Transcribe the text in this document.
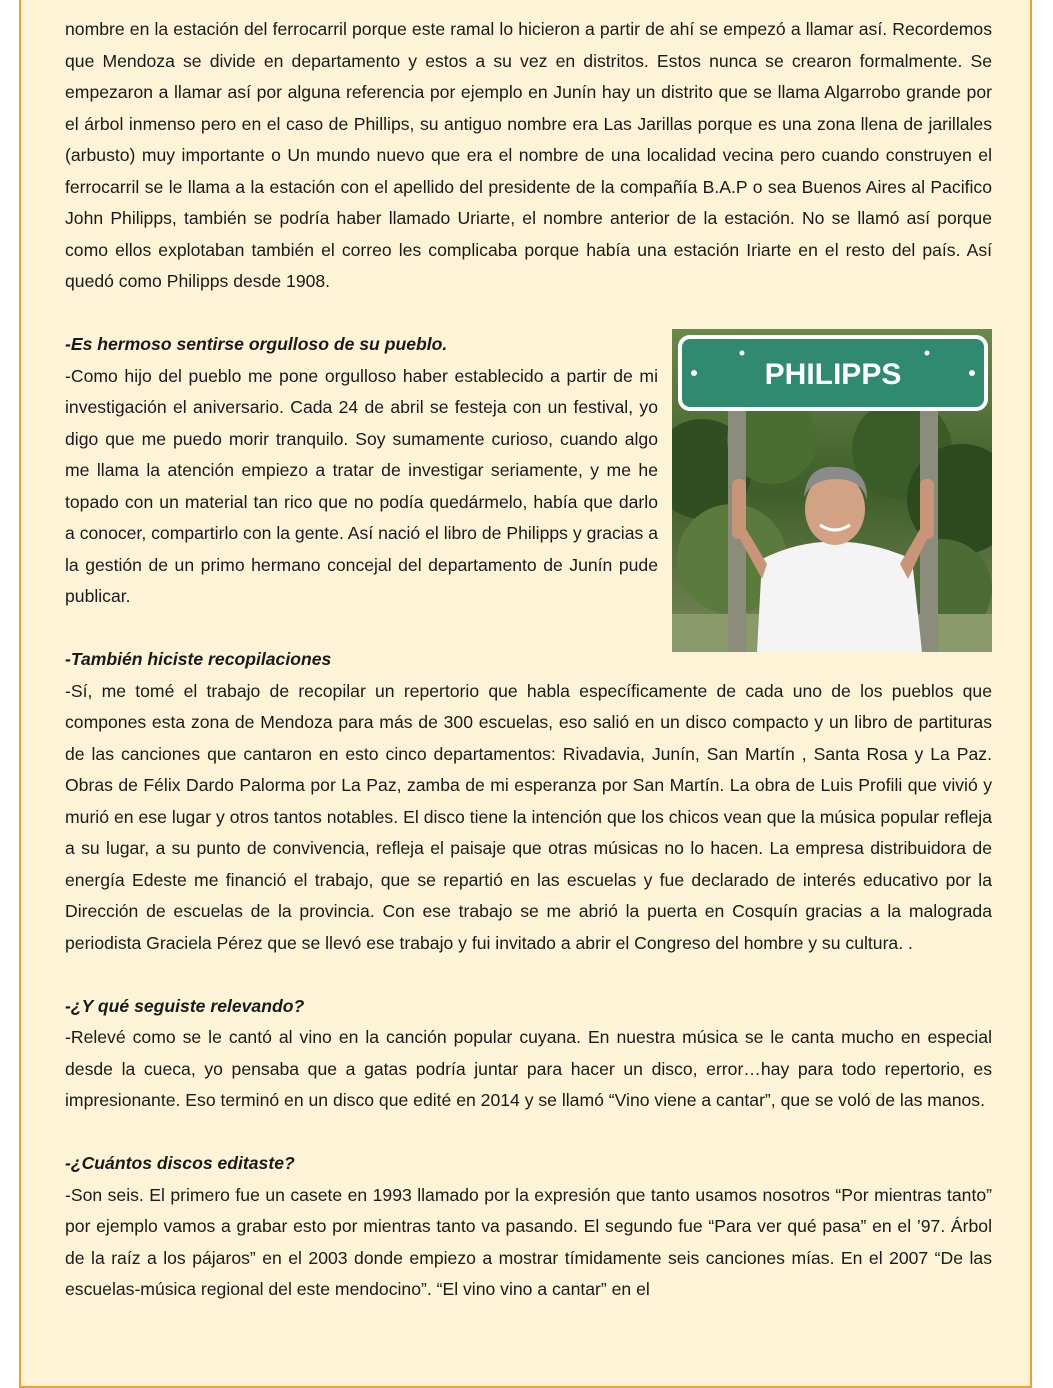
nombre en la estación del ferrocarril porque este ramal lo hicieron a partir de ahí se empezó a llamar así. Recordemos que Mendoza se divide en departamento y estos a su vez en distritos. Estos nunca se crearon formalmente. Se empezaron a llamar así por alguna referencia por ejemplo en Junín hay un distrito que se llama Algarrobo grande por el árbol inmenso pero en el caso de Phillips, su antiguo nombre era Las Jarillas porque es una zona llena de jarillales (arbusto) muy importante o Un mundo nuevo que era el nombre de una localidad vecina pero cuando construyen el ferrocarril se le llama a la estación con el apellido del presidente de la compañía B.A.P o sea Buenos Aires al Pacifico John Philipps, también se podría haber llamado Uriarte, el nombre anterior de la estación. No se llamó así porque como ellos explotaban también el correo les complicaba porque había una estación Iriarte en el resto del país. Así quedó como Philipps desde 1908.

PHILIPPS

-Es hermoso sentirse orgulloso de su pueblo.

-Como hijo del pueblo me pone orgulloso haber establecido a partir de mi investigación el aniversario. Cada 24 de abril se festeja con un festival, yo digo que me puedo morir tranquilo. Soy sumamente curioso, cuando algo me llama la atención empiezo a tratar de investigar seriamente, y me he topado con un material tan rico que no podía quedármelo, había que darlo a conocer, compartirlo con la gente. Así nació el libro de Philipps y gracias a la gestión de un primo hermano concejal del departamento de Junín pude publicar.

-También hiciste recopilaciones

-Sí, me tomé el trabajo de recopilar un repertorio que habla específicamente de cada uno de los pueblos que compones esta zona de Mendoza para más de 300 escuelas, eso salió en un disco compacto y un libro de partituras de las canciones que cantaron en esto cinco departamentos: Rivadavia, Junín, San Martín , Santa Rosa y La Paz. Obras de Félix Dardo Palorma por La Paz, zamba de mi esperanza por San Martín. La obra de Luis Profili que vivió y murió en ese lugar y otros tantos notables. El disco tiene la intención que los chicos vean que la música popular refleja a su lugar, a su punto de convivencia, refleja el paisaje que otras músicas no lo hacen. La empresa distribuidora de energía Edeste me financió el trabajo, que se repartió en las escuelas y fue declarado de interés educativo por la Dirección de escuelas de la provincia. Con ese trabajo se me abrió la puerta en Cosquín gracias a la malograda periodista Graciela Pérez que se llevó ese trabajo y fui invitado a abrir el Congreso del hombre y su cultura. .

-¿Y qué seguiste relevando?

-Relevé como se le cantó al vino en la canción popular cuyana. En nuestra música se le canta mucho en especial desde la cueca, yo pensaba que a gatas podría juntar para hacer un disco, error…hay para todo repertorio, es impresionante. Eso terminó en un disco que edité en 2014 y se llamó “Vino viene a cantar”, que se voló de las manos.

-¿Cuántos discos editaste?

-Son seis. El primero fue un casete en 1993 llamado por la expresión que tanto usamos nosotros “Por mientras tanto” por ejemplo vamos a grabar esto por mientras tanto va pasando. El segundo fue “Para ver qué pasa” en el ’97. Árbol de la raíz a los pájaros” en el 2003 donde empiezo a mostrar tímidamente seis canciones mías. En el 2007 “De las escuelas-música regional del este mendocino”. “El vino vino a cantar” en el
